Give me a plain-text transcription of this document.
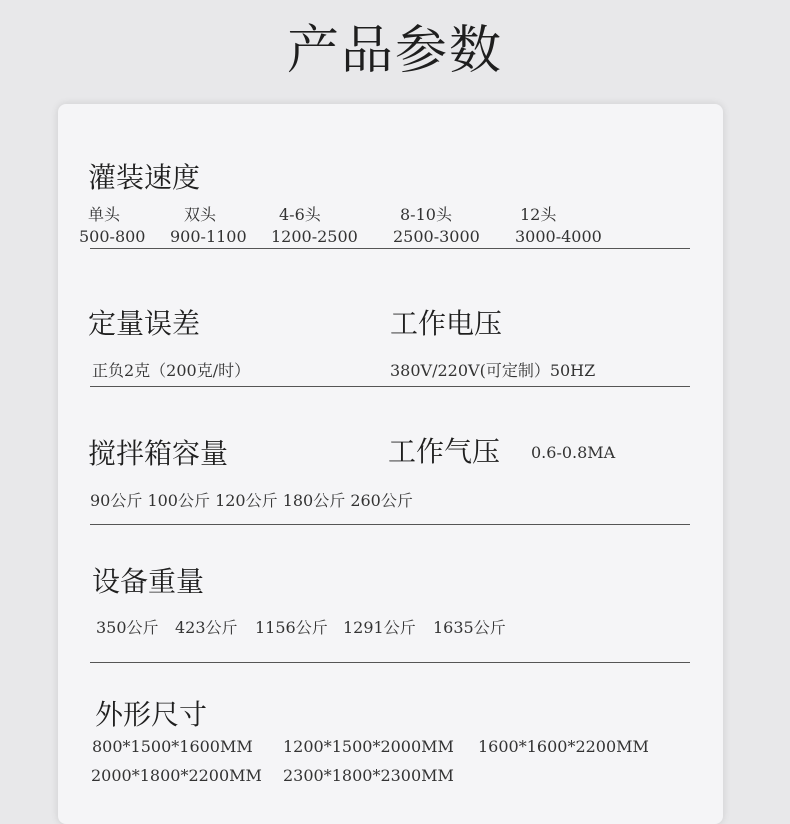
产品参数
灌装速度
单头	双头	4-6头	8-10头	12头
500-800 900-1100 1200-2500 2500-3000 3000-4000
定量误差	工作电压
正负2克（200克/时）	380V/220V(可定制）50HZ
搅拌箱容量	工作气压 0.6-0.8MA
90公斤 100公斤 120公斤 180公斤 260公斤
设备重量
350公斤 423公斤 1156公斤 1291公斤 1635公斤
外形尺寸
800*1500*1600MM 1200*1500*2000MM 1600*1600*2200MM
2000*1800*2200MM 2300*1800*2300MM
